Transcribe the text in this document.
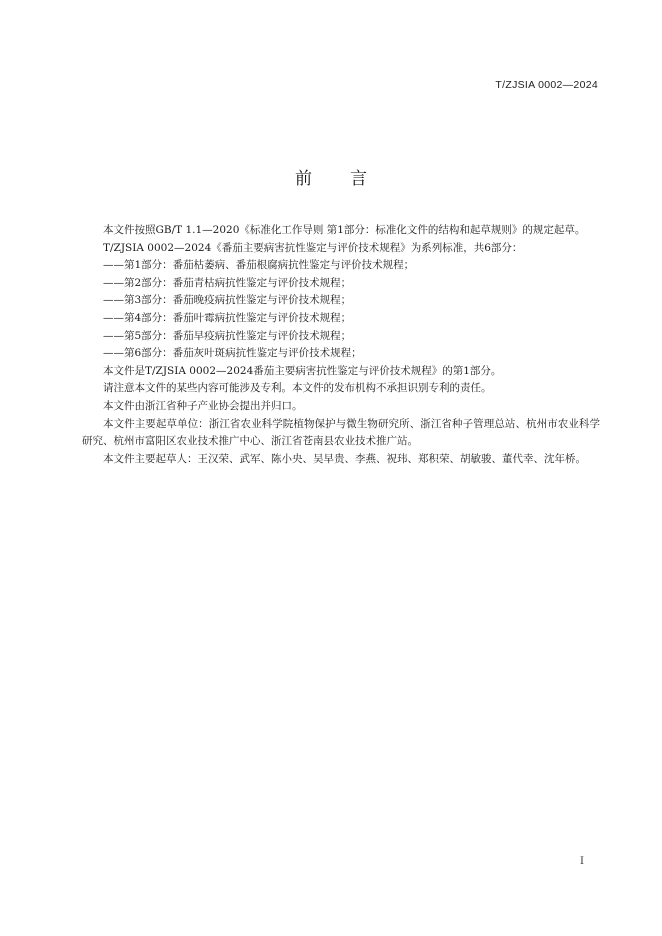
T/ZJSIA 0002—2024
前言

本文件按照GB/T 1.1—2020《标准化工作导则 第1部分：标准化文件的结构和起草规则》的规定起草。

T/ZJSIA 0002—2024《番茄主要病害抗性鉴定与评价技术规程》为系列标准，共6部分：

——第1部分：番茄枯萎病、番茄根腐病抗性鉴定与评价技术规程；

——第2部分：番茄青枯病抗性鉴定与评价技术规程；

——第3部分：番茄晚疫病抗性鉴定与评价技术规程；

——第4部分：番茄叶霉病抗性鉴定与评价技术规程；

——第5部分：番茄早疫病抗性鉴定与评价技术规程；

——第6部分：番茄灰叶斑病抗性鉴定与评价技术规程；

本文件是T/ZJSIA 0002—2024番茄主要病害抗性鉴定与评价技术规程》的第1部分。

请注意本文件的某些内容可能涉及专利。本文件的发布机构不承担识别专利的责任。

本文件由浙江省种子产业协会提出并归口。

本文件主要起草单位：浙江省农业科学院植物保护与微生物研究所、浙江省种子管理总站、杭州市农业科学研究、杭州市富阳区农业技术推广中心、浙江省苍南县农业技术推广站。

本文件主要起草人：王汉荣、武军、陈小央、吴早贵、李燕、祝玮、郑积荣、胡敏骏、董代幸、沈年桥。

I
